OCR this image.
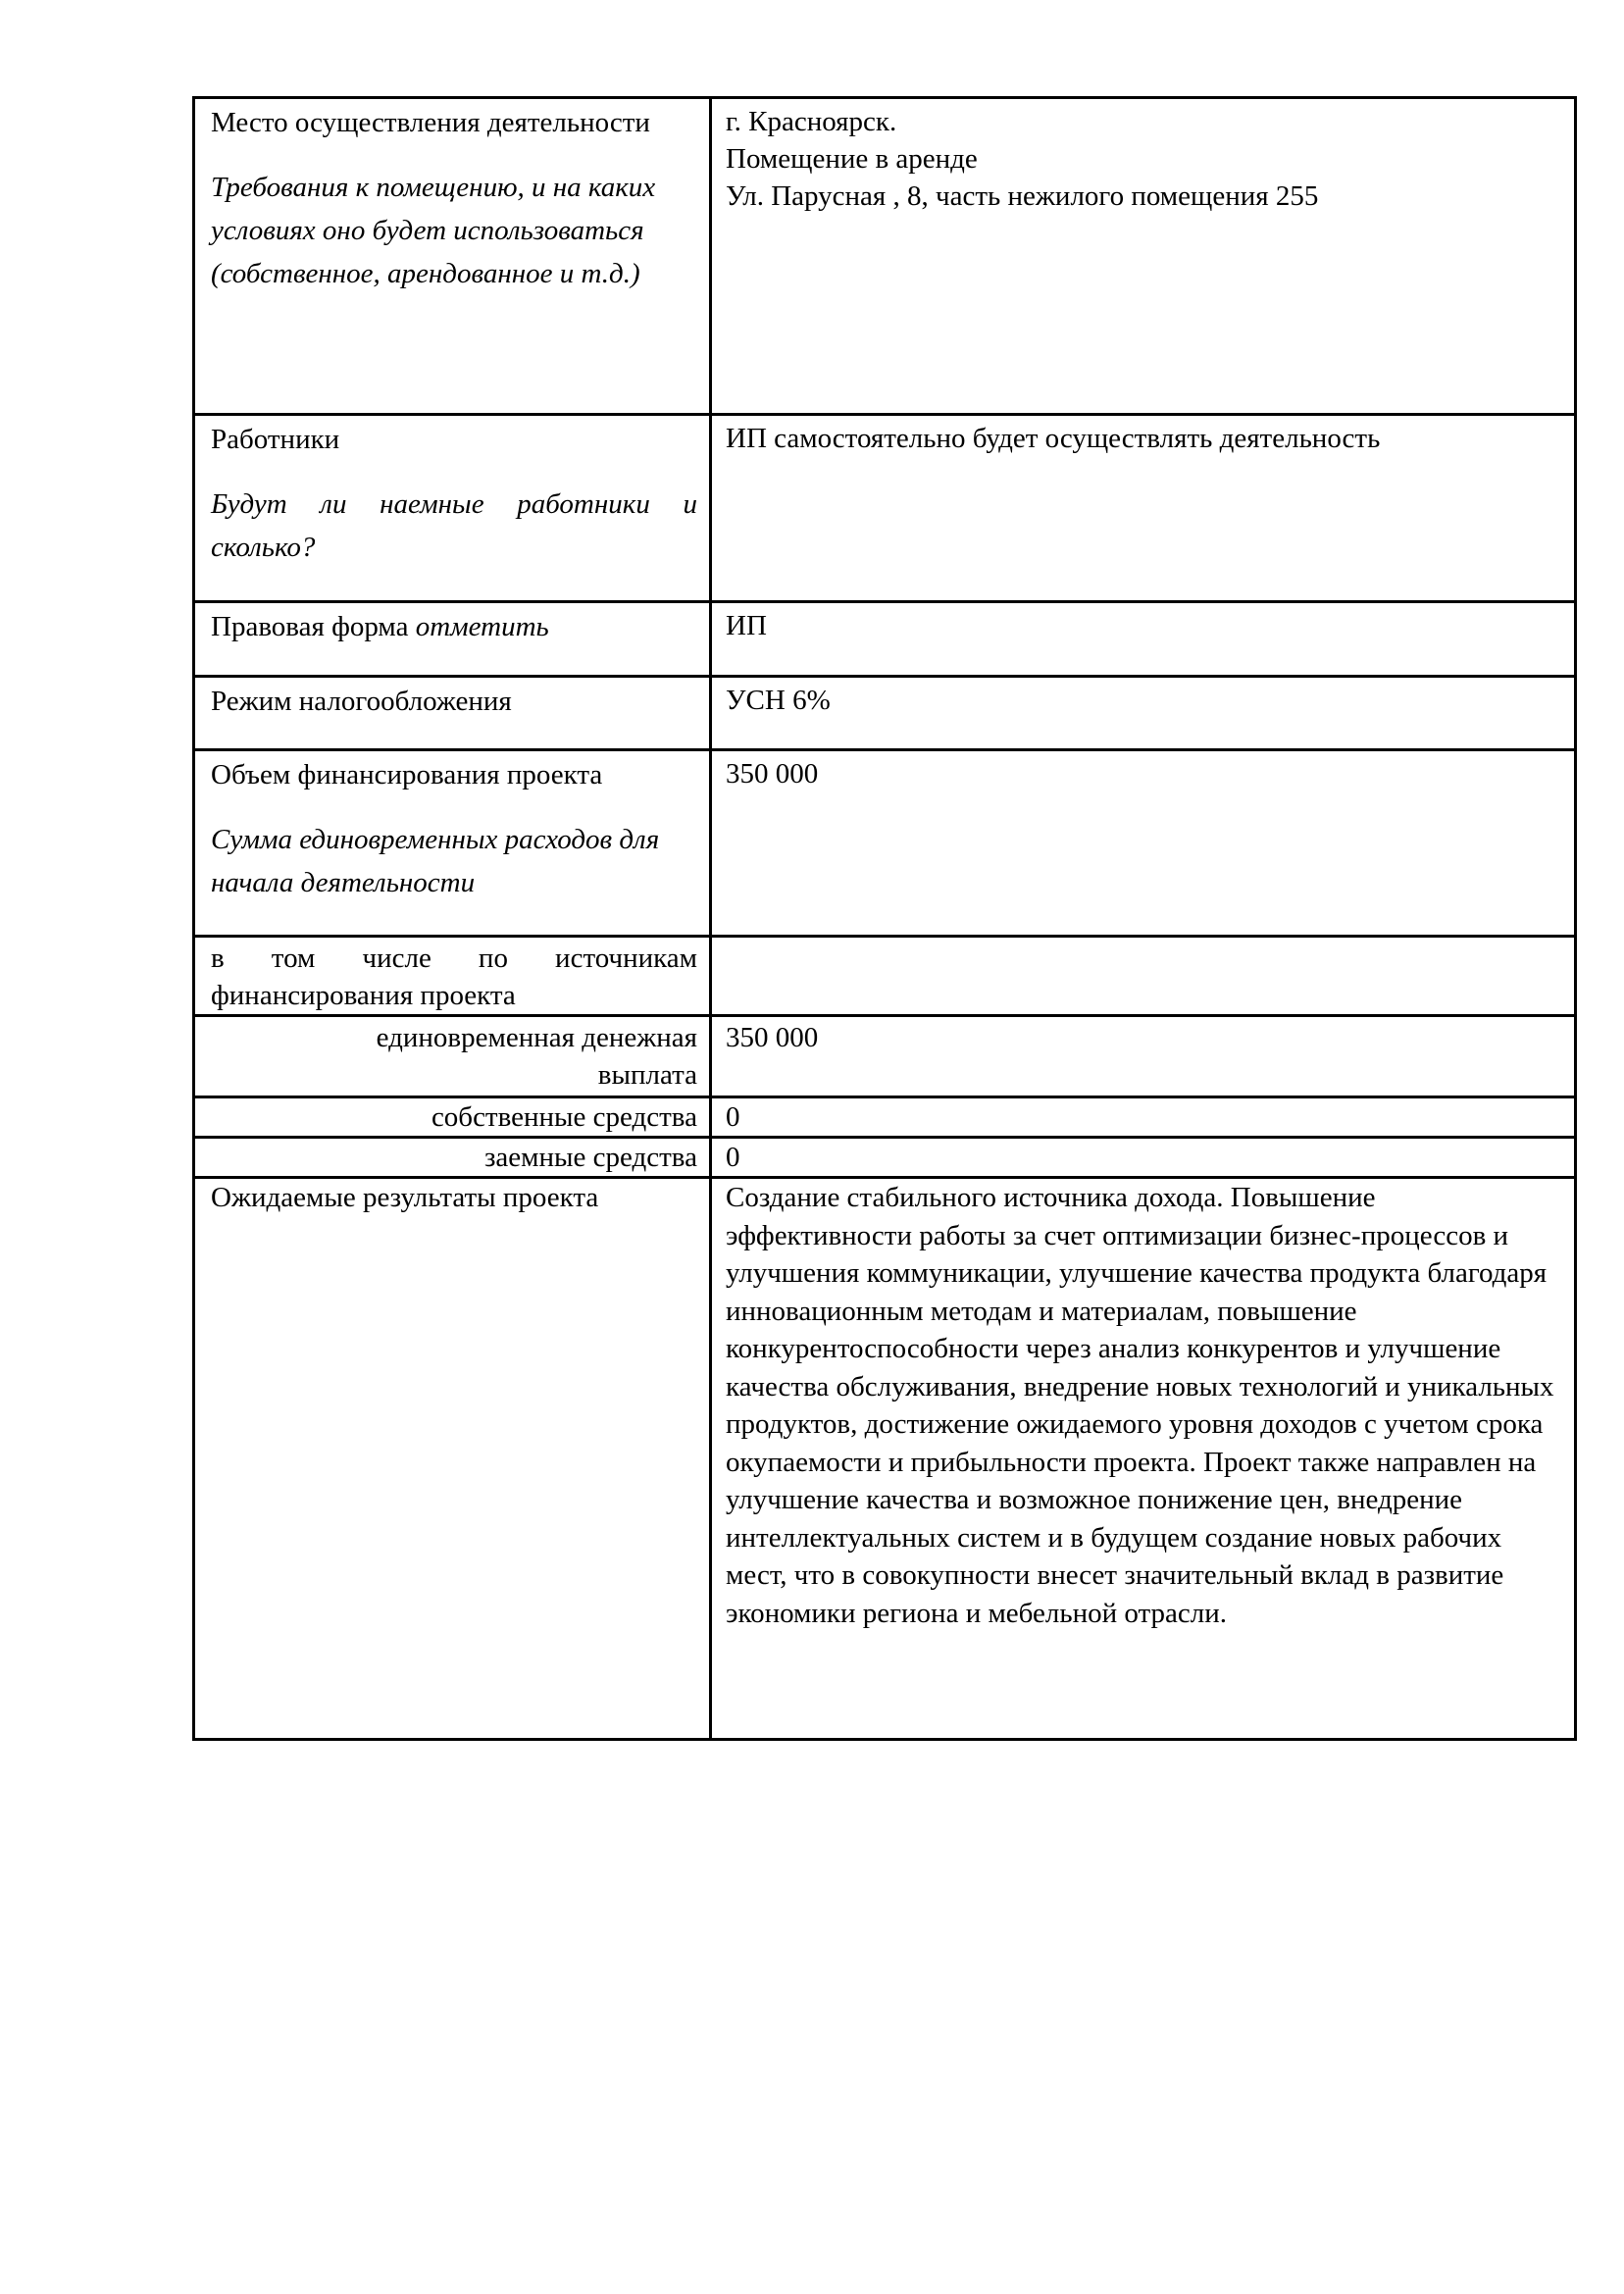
Место осуществления деятельности
Требования к помещению, и на каких условиях оно будет использоваться (собственное, арендованное и т.д.)	г. Красноярск.
Помещение в аренде
Ул. Парусная , 8, часть нежилого помещения 255

Работники
Будут ли наемные работники и сколько?	ИП самостоятельно будет осуществлять деятельность

Правовая форма отметить	ИП

Режим налогообложения	УСН 6%

Объем финансирования проекта
Сумма единовременных расходов для начала деятельности	350 000

в том числе по источникам финансирования проекта	

единовременная денежная выплата	350 000

собственные средства	0

заемные средства	0

Ожидаемые результаты проекта	Создание стабильного источника дохода. Повышение эффективности работы за счет оптимизации бизнес-процессов и улучшения коммуникации, улучшение качества продукта благодаря инновационным методам и материалам, повышение конкурентоспособности через анализ конкурентов и улучшение качества обслуживания, внедрение новых технологий и уникальных продуктов, достижение ожидаемого уровня доходов с учетом срока окупаемости и прибыльности проекта. Проект также направлен на улучшение качества и возможное понижение цен, внедрение интеллектуальных систем и в будущем создание новых рабочих мест, что в совокупности внесет значительный вклад в развитие экономики региона и мебельной отрасли.
